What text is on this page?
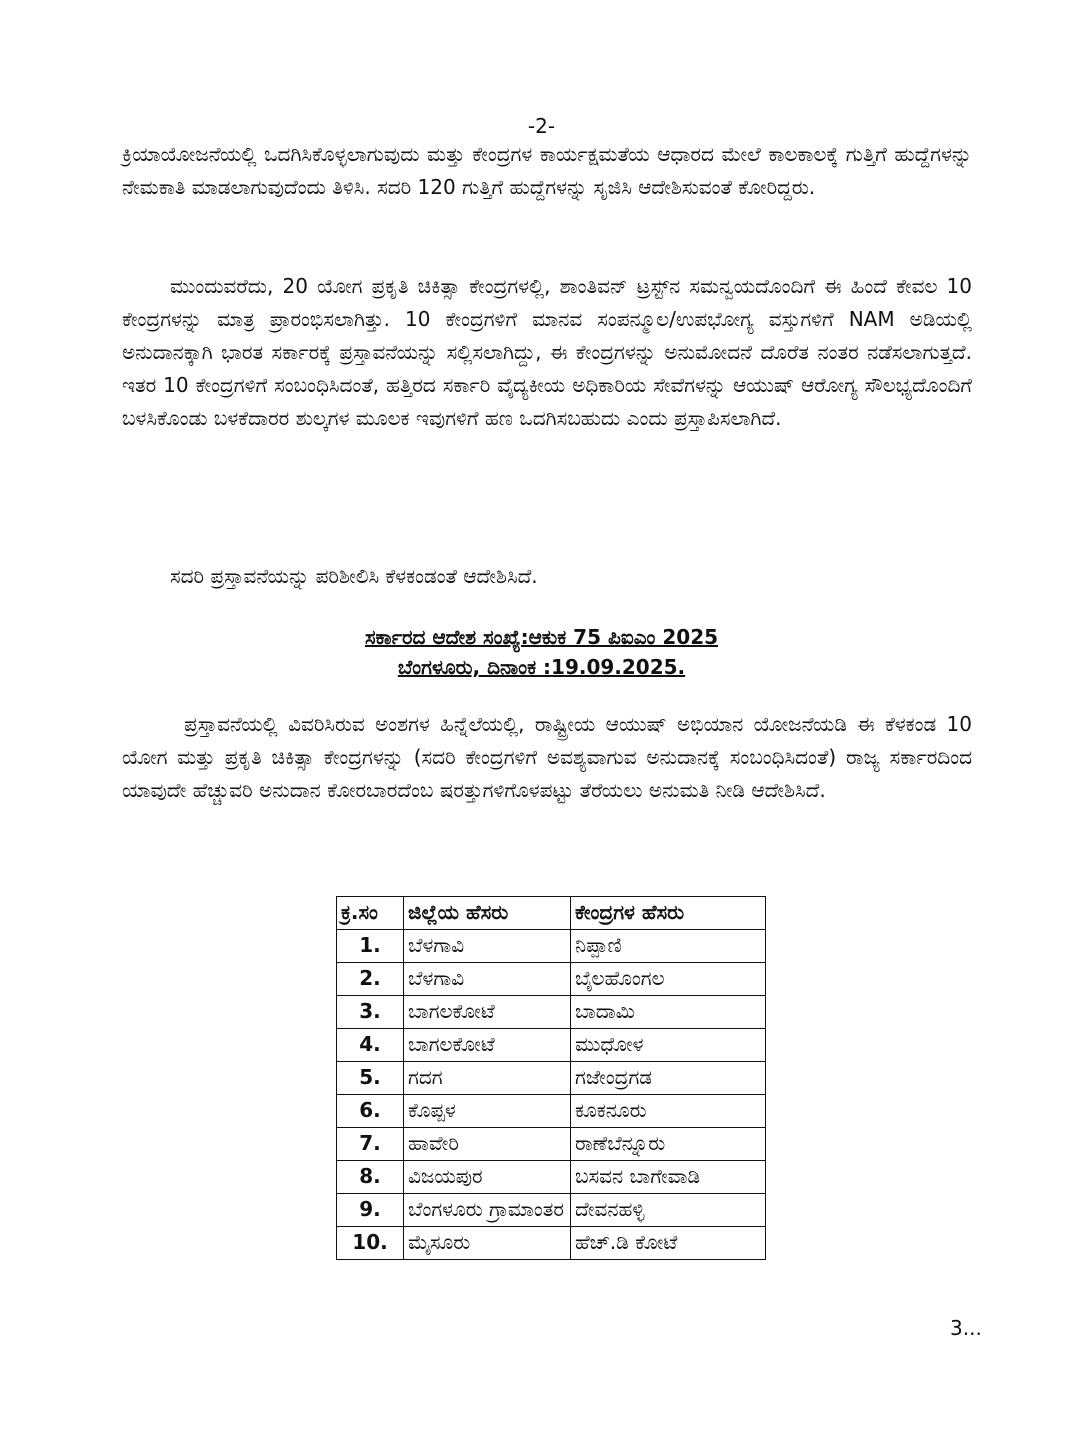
-2-

ಕ್ರಿಯಾಯೋಜನೆಯಲ್ಲಿ ಒದಗಿಸಿಕೊಳ್ಳಲಾಗುವುದು ಮತ್ತು ಕೇಂದ್ರಗಳ ಕಾರ್ಯಕ್ಷಮತೆಯ ಆಧಾರದ ಮೇಲೆ ಕಾಲಕಾಲಕ್ಕೆ ಗುತ್ತಿಗೆ ಹುದ್ದೆಗಳನ್ನು ನೇಮಕಾತಿ ಮಾಡಲಾಗುವುದೆಂದು ತಿಳಿಸಿ. ಸದರಿ 120 ಗುತ್ತಿಗೆ ಹುದ್ದೆಗಳನ್ನು ಸೃಜಿಸಿ ಆದೇಶಿಸುವಂತೆ ಕೋರಿದ್ದರು.

ಮುಂದುವರೆದು, 20 ಯೋಗ ಪ್ರಕೃತಿ ಚಿಕಿತ್ಸಾ ಕೇಂದ್ರಗಳಲ್ಲಿ, ಶಾಂತಿವನ್ ಟ್ರಸ್ಟ್‌ನ ಸಮನ್ವಯದೊಂದಿಗೆ ಈ ಹಿಂದೆ ಕೇವಲ 10 ಕೇಂದ್ರಗಳನ್ನು ಮಾತ್ರ ಪ್ರಾರಂಭಿಸಲಾಗಿತ್ತು. 10 ಕೇಂದ್ರಗಳಿಗೆ ಮಾನವ ಸಂಪನ್ಮೂಲ/ಉಪಭೋಗ್ಯ ವಸ್ತುಗಳಿಗೆ NAM ಅಡಿಯಲ್ಲಿ ಅನುದಾನಕ್ಕಾಗಿ ಭಾರತ ಸರ್ಕಾರಕ್ಕೆ ಪ್ರಸ್ತಾವನೆಯನ್ನು ಸಲ್ಲಿಸಲಾಗಿದ್ದು, ಈ ಕೇಂದ್ರಗಳನ್ನು ಅನುಮೋದನೆ ದೊರೆತ ನಂತರ ನಡೆಸಲಾಗುತ್ತದೆ. ಇತರ 10 ಕೇಂದ್ರಗಳಿಗೆ ಸಂಬಂಧಿಸಿದಂತೆ, ಹತ್ತಿರದ ಸರ್ಕಾರಿ ವೈದ್ಯಕೀಯ ಅಧಿಕಾರಿಯ ಸೇವೆಗಳನ್ನು ಆಯುಷ್ ಆರೋಗ್ಯ ಸೌಲಭ್ಯದೊಂದಿಗೆ ಬಳಸಿಕೊಂಡು ಬಳಕೆದಾರರ ಶುಲ್ಕಗಳ ಮೂಲಕ ಇವುಗಳಿಗೆ ಹಣ ಒದಗಿಸಬಹುದು ಎಂದು ಪ್ರಸ್ತಾಪಿಸಲಾಗಿದೆ.

ಸದರಿ ಪ್ರಸ್ತಾವನೆಯನ್ನು ಪರಿಶೀಲಿಸಿ ಕೆಳಕಂಡಂತೆ ಆದೇಶಿಸಿದೆ.

ಸರ್ಕಾರದ ಆದೇಶ ಸಂಖ್ಯೆ:ಆಕುಕ 75 ಪಿಐಎಂ 2025
ಬೆಂಗಳೂರು, ದಿನಾಂಕ :19.09.2025.

ಪ್ರಸ್ತಾವನೆಯಲ್ಲಿ ವಿವರಿಸಿರುವ ಅಂಶಗಳ ಹಿನ್ನೆಲೆಯಲ್ಲಿ, ರಾಷ್ಟ್ರೀಯ ಆಯುಷ್ ಅಭಿಯಾನ ಯೋಜನೆಯಡಿ ಈ ಕೆಳಕಂಡ 10 ಯೋಗ ಮತ್ತು ಪ್ರಕೃತಿ ಚಿಕಿತ್ಸಾ ಕೇಂದ್ರಗಳನ್ನು (ಸದರಿ ಕೇಂದ್ರಗಳಿಗೆ ಅವಶ್ಯವಾಗುವ ಅನುದಾನಕ್ಕೆ ಸಂಬಂಧಿಸಿದಂತೆ) ರಾಜ್ಯ ಸರ್ಕಾರದಿಂದ ಯಾವುದೇ ಹೆಚ್ಚುವರಿ ಅನುದಾನ ಕೋರಬಾರದೆಂಬ ಷರತ್ತುಗಳಿಗೊಳಪಟ್ಟು ತೆರೆಯಲು ಅನುಮತಿ ನೀಡಿ ಆದೇಶಿಸಿದೆ.

ಕ್ರ.ಸಂ	ಜಿಲ್ಲೆಯ ಹೆಸರು	ಕೇಂದ್ರಗಳ ಹೆಸರು
1.	ಬೆಳಗಾವಿ	ನಿಪ್ಪಾಣಿ
2.	ಬೆಳಗಾವಿ	ಬೈಲಹೊಂಗಲ
3.	ಬಾಗಲಕೋಟೆ	ಬಾದಾಮಿ
4.	ಬಾಗಲಕೋಟೆ	ಮುಧೋಳ
5.	ಗದಗ	ಗಜೇಂದ್ರಗಡ
6.	ಕೊಪ್ಪಳ	ಕೂಕನೂರು
7.	ಹಾವೇರಿ	ರಾಣೆಬೆನ್ನೂರು
8.	ವಿಜಯಪುರ	ಬಸವನ ಬಾಗೇವಾಡಿ
9.	ಬೆಂಗಳೂರು ಗ್ರಾಮಾಂತರ	ದೇವನಹಳ್ಳಿ
10.	ಮೈಸೂರು	ಹೆಚ್.ಡಿ ಕೋಟೆ
3...
